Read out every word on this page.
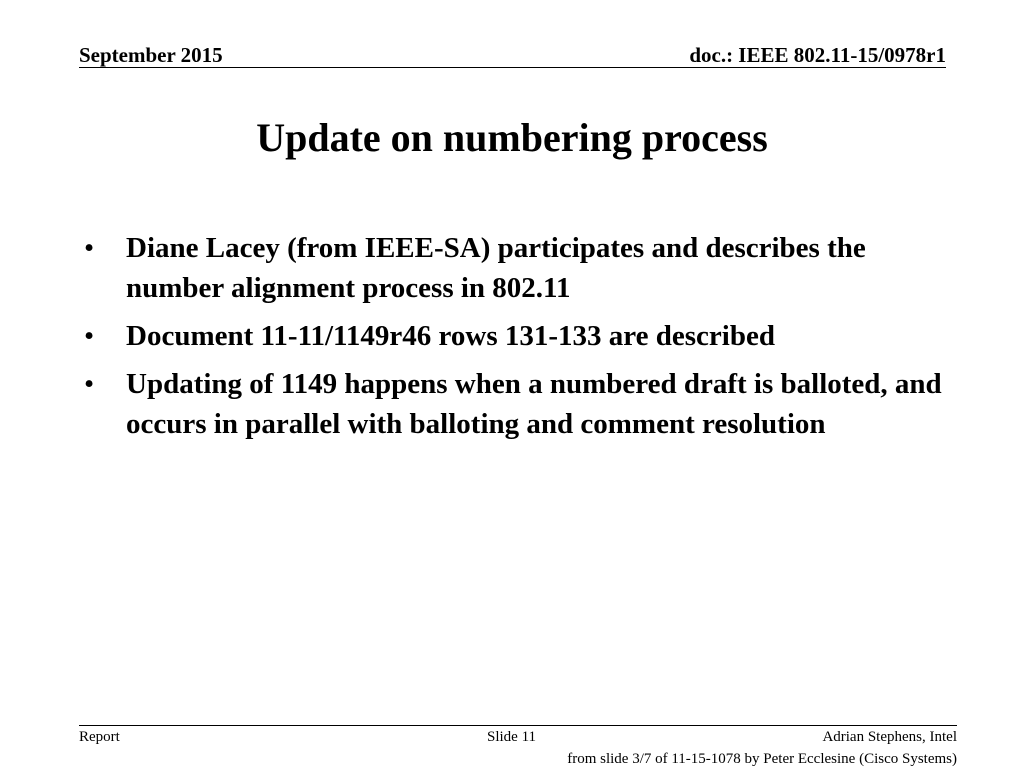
September 2015	doc.: IEEE 802.11-15/0978r1
Update on numbering process
•	Diane Lacey (from IEEE-SA) participates and describes the number alignment process in 802.11
•	Document 11-11/1149r46 rows 131-133 are described
•	Updating of 1149 happens when a numbered draft is balloted, and occurs in parallel with balloting and comment resolution
Report	Slide 11	Adrian Stephens, Intel
from slide 3/7 of 11-15-1078 by Peter Ecclesine (Cisco Systems)
